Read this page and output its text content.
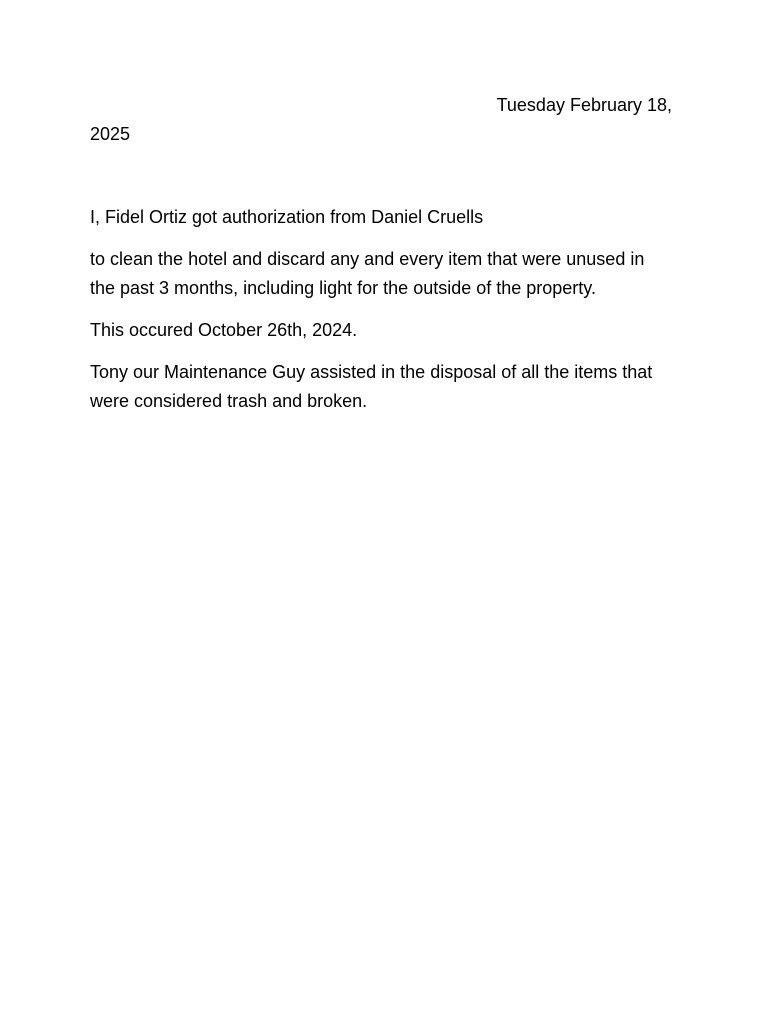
Tuesday February 18,
2025

I, Fidel Ortiz got authorization from Daniel Cruells

to clean the hotel and discard any and every item that were unused in
the past 3 months, including light for the outside of the property.

This occured October 26th, 2024.

Tony our Maintenance Guy assisted in the disposal of all the items that
were considered trash and broken.
